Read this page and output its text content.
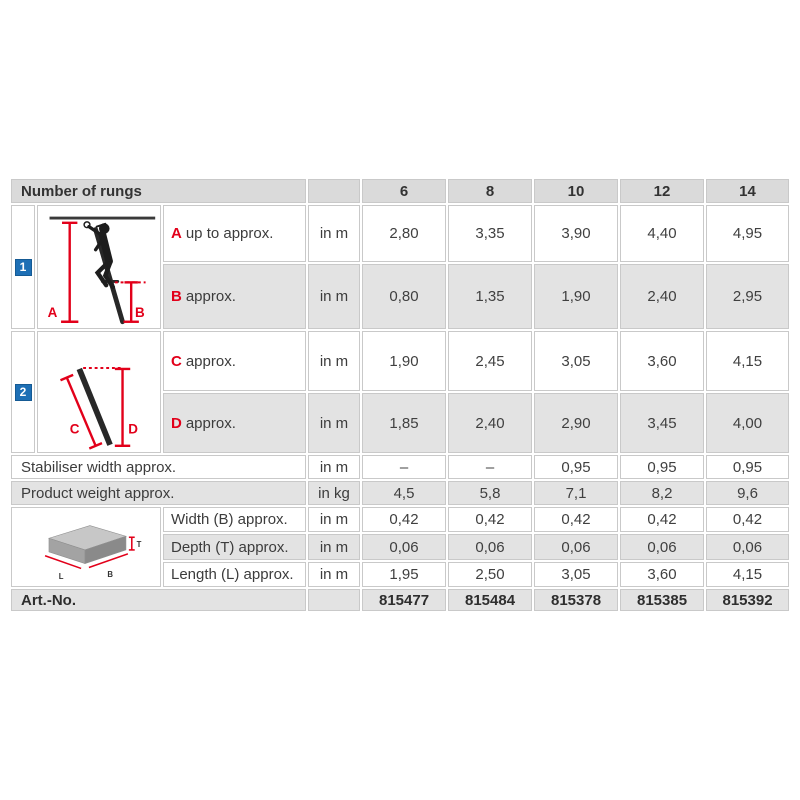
Number of rungs				6	8	10	12	14

1	A B	A up to approx.	in m	2,80	3,35	3,90	4,40	4,95
		B approx.	in m	0,80	1,35	1,90	2,40	2,95

2	C D	C approx.	in m	1,90	2,45	3,05	3,60	4,15
		D approx.	in m	1,85	2,40	2,90	3,45	4,00
Stabiliser width approx.			in m	–	–	0,95	0,95	0,95
Product weight approx.			in kg	4,5	5,8	7,1	8,2	9,6

T
L B		Width (B) approx.	in m	0,42	0,42	0,42	0,42	0,42
		Depth (T) approx.	in m	0,06	0,06	0,06	0,06	0,06
		Length (L) approx.	in m	1,95	2,50	3,05	3,60	4,15
Art.-No.				815477	815484	815378	815385	815392
